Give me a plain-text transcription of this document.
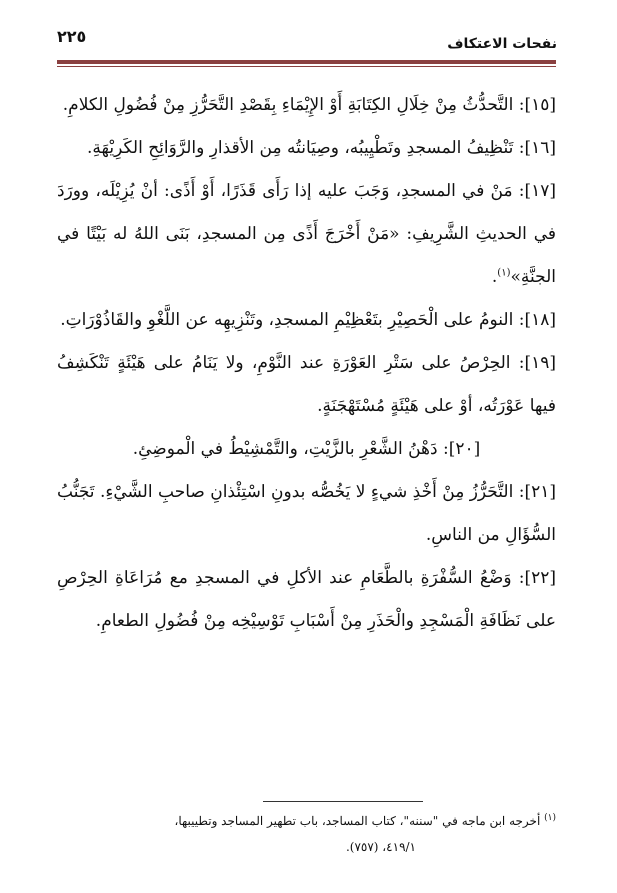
نفحات الاعتكاف
٢٢٥

[١٥]: التَّحدُّثُ مِنْ خِلَالِ الكِتَابَةِ أَوْ الإِيْمَاءِ بِقَصْدِ التَّحَرُّزِ مِنْ فُضُولِ الكلامِ.

[١٦]: تَنْظِيفُ المسجدِ وتَطْيِيبُه، وصِيَانتُه مِن الأقذارِ والرَّوَائِحِ الكَرِيْهَةِ.

[١٧]: مَنْ في المسجدِ، وَجَبَ عليه إذا رَأَى قَذَرًا، أَوْ أَذًى: أنْ يُزِيْلَه، وورَدَ في الحديثِ الشَّرِيفِ: «مَنْ أَخْرَجَ أَذًى مِن المسجدِ، بَنَى اللهُ له بَيْتًا في الجنَّةِ»$^{(١)}$.

[١٨]: النومُ على الْحَصِيْرِ بتَعْظِيْمِ المسجدِ، وتَنْزِيهِه عن اللَّغْوِ والقَاذُوْرَاتِ.

[١٩]: الحِرْصُ على سَتْرِ العَوْرَةِ عند النَّوْمِ، ولا يَنَامُ على هَيْئَةٍ تَنْكَشِفُ فيها عَوْرَتُه، أوْ على هَيْئَةٍ مُسْتَهْجَنَةٍ.

[٢٠]: دَهْنُ الشَّعْرِ بالزَّيْتِ، والتَّمْشِيْطُ في الْموضِئِ.

[٢١]: التَّحَرُّزُ مِنْ أَخْذِ شيءٍ لا يَخُصُّه بدونِ اسْتِئْذانِ صاحبِ الشَّيْءِ. تَجَنُّبُ السُّؤَالِ من الناسِ.

[٢٢]: وَضْعُ السُّفْرَةِ بالطَّعَامِ عند الأكلِ في المسجدِ مع مُرَاعَاةِ الحِرْصِ على نَظَافَةِ الْمَسْجِدِ والْحَذَرِ مِنْ أَسْبَابِ تَوْسِيْخِه مِنْ فُضُولِ الطعامِ.

$^{(١)}$ أخرجه ابن ماجه في "سننه"، كتاب المساجد، باب تطهير المساجد وتطييبها،
٤١٩/١، (٧٥٧).
